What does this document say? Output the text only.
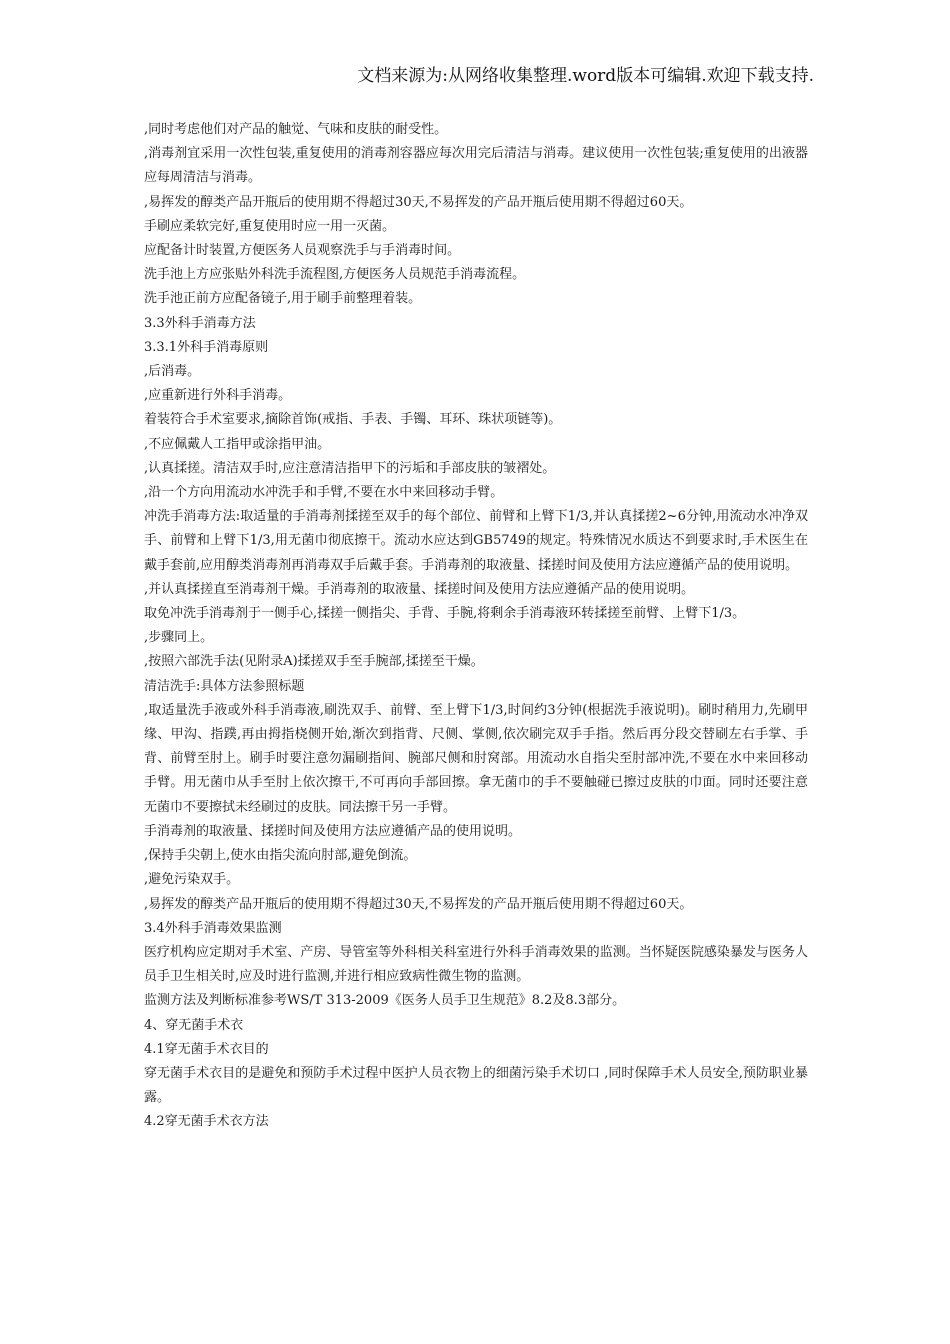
文档来源为:从网络收集整理.word版本可编辑.欢迎下载支持.

,同时考虑他们对产品的触觉、气味和皮肤的耐受性。

,消毒剂宜采用一次性包装,重复使用的消毒剂容器应每次用完后清洁与消毒。建议使用一次性包装;重复使用的出液器应每周清洁与消毒。

,易挥发的醇类产品开瓶后的使用期不得超过30天,不易挥发的产品开瓶后使用期不得超过60天。

手刷应柔软完好,重复使用时应一用一灭菌。

应配备计时装置,方便医务人员观察洗手与手消毒时间。

洗手池上方应张贴外科洗手流程图,方便医务人员规范手消毒流程。

洗手池正前方应配备镜子,用于刷手前整理着装。

3.3外科手消毒方法

3.3.1外科手消毒原则

,后消毒。

,应重新进行外科手消毒。

着装符合手术室要求,摘除首饰(戒指、手表、手镯、耳环、珠状项链等)。

,不应佩戴人工指甲或涂指甲油。

,认真揉搓。清洁双手时,应注意清洁指甲下的污垢和手部皮肤的皱褶处。

,沿一个方向用流动水冲洗手和手臂,不要在水中来回移动手臂。

冲洗手消毒方法:取适量的手消毒剂揉搓至双手的每个部位、前臂和上臂下1/3,并认真揉搓2~6分钟,用流动水冲净双手、前臂和上臂下1/3,用无菌巾彻底擦干。流动水应达到GB5749的规定。特殊情况水质达不到要求时,手术医生在戴手套前,应用醇类消毒剂再消毒双手后戴手套。手消毒剂的取液量、揉搓时间及使用方法应遵循产品的使用说明。

,并认真揉搓直至消毒剂干燥。手消毒剂的取液量、揉搓时间及使用方法应遵循产品的使用说明。

取免冲洗手消毒剂于一侧手心,揉搓一侧指尖、手背、手腕,将剩余手消毒液环转揉搓至前臂、上臂下1/3。

,步骤同上。

,按照六部洗手法(见附录A)揉搓双手至手腕部,揉搓至干燥。

清洁洗手:具体方法参照标题

,取适量洗手液或外科手消毒液,刷洗双手、前臂、至上臂下1/3,时间约3分钟(根据洗手液说明)。刷时稍用力,先刷甲缘、甲沟、指蹼,再由拇指桡侧开始,渐次到指背、尺侧、掌侧,依次刷完双手手指。然后再分段交替刷左右手掌、手背、前臂至肘上。刷手时要注意勿漏刷指间、腕部尺侧和肘窝部。用流动水自指尖至肘部冲洗,不要在水中来回移动手臂。用无菌巾从手至肘上依次擦干,不可再向手部回擦。拿无菌巾的手不要触碰已擦过皮肤的巾面。同时还要注意无菌巾不要擦拭未经刷过的皮肤。同法擦干另一手臂。

手消毒剂的取液量、揉搓时间及使用方法应遵循产品的使用说明。

,保持手尖朝上,使水由指尖流向肘部,避免倒流。

,避免污染双手。

,易挥发的醇类产品开瓶后的使用期不得超过30天,不易挥发的产品开瓶后使用期不得超过60天。

3.4外科手消毒效果监测

医疗机构应定期对手术室、产房、导管室等外科相关科室进行外科手消毒效果的监测。当怀疑医院感染暴发与医务人员手卫生相关时,应及时进行监测,并进行相应致病性微生物的监测。

监测方法及判断标准参考WS/T 313-2009《医务人员手卫生规范》8.2及8.3部分。

4、穿无菌手术衣

4.1穿无菌手术衣目的

穿无菌手术衣目的是避免和预防手术过程中医护人员衣物上的细菌污染手术切口 ,同时保障手术人员安全,预防职业暴露。

4.2穿无菌手术衣方法
